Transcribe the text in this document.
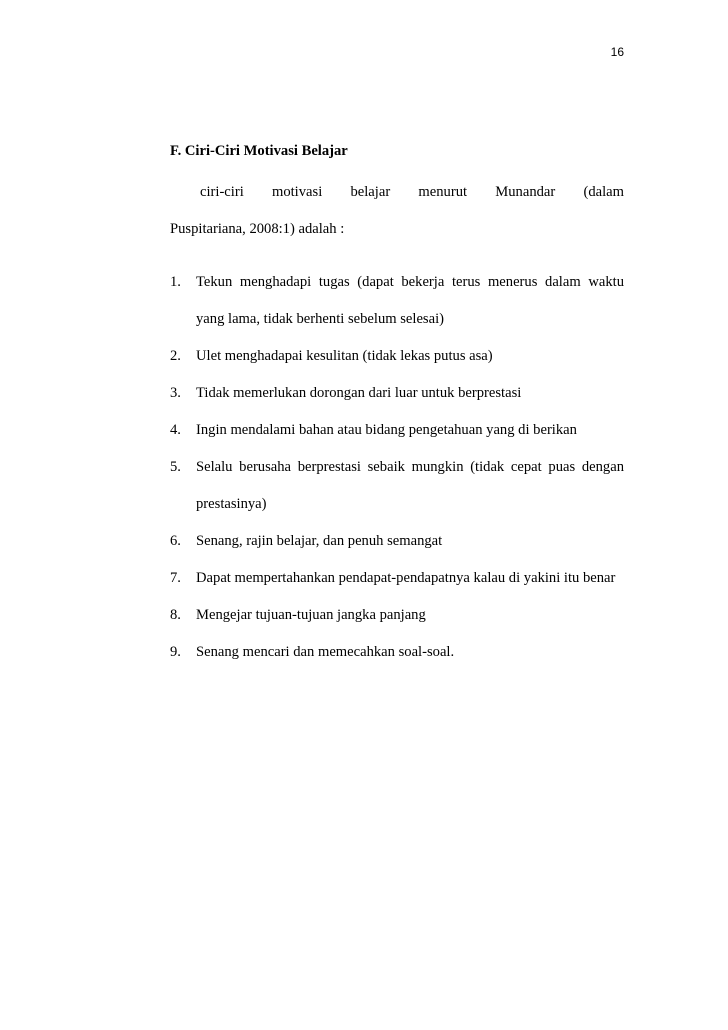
16

F. Ciri-Ciri Motivasi Belajar

ciri-ciri motivasi belajar menurut Munandar (dalam
Puspitariana, 2008:1) adalah :

1.	Tekun menghadapi tugas (dapat bekerja terus menerus dalam waktu yang lama, tidak berhenti sebelum selesai)
2.	Ulet menghadapai kesulitan (tidak lekas putus asa)
3.	Tidak memerlukan dorongan dari luar untuk berprestasi
4.	Ingin mendalami bahan atau bidang pengetahuan yang di berikan
5.	Selalu berusaha berprestasi sebaik mungkin (tidak cepat puas dengan prestasinya)
6.	Senang, rajin belajar, dan penuh semangat
7.	Dapat mempertahankan pendapat-pendapatnya kalau di yakini itu benar
8.	Mengejar tujuan-tujuan jangka panjang
9.	Senang mencari dan memecahkan soal-soal.
